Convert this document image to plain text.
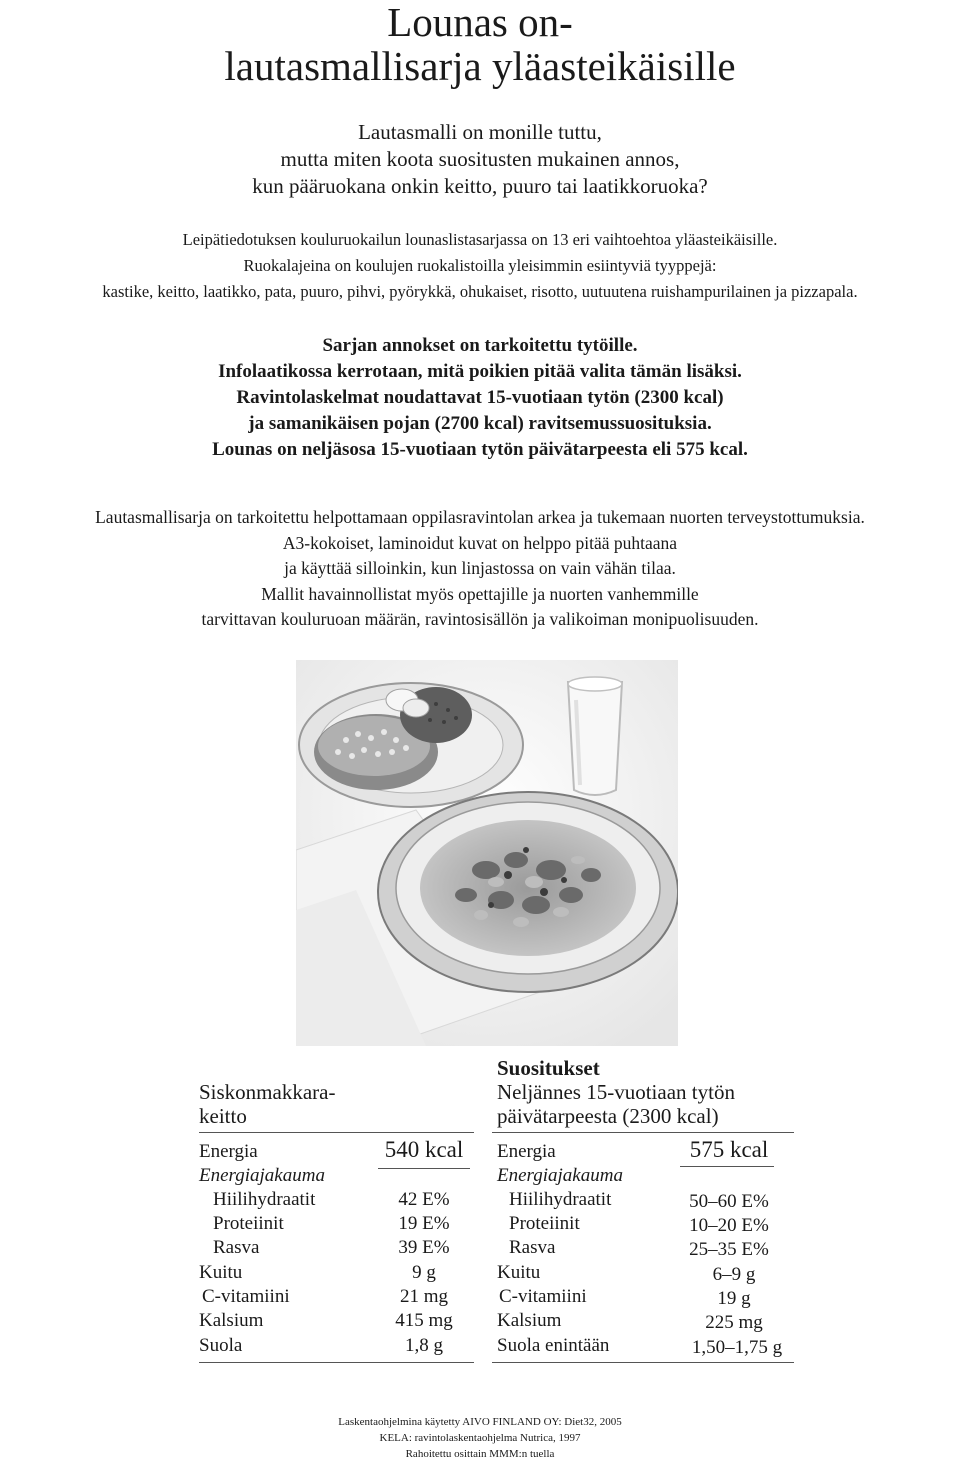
Lounas on-
lautasmallisarja yläasteikäisille
Lautasmalli on monille tuttu,
mutta miten koota suositusten mukainen annos,
kun pääruokana onkin keitto, puuro tai laatikkoruoka?
Leipätiedotuksen kouluruokailun lounaslistasarjassa on 13 eri vaihtoehtoa yläasteikäisille.
Ruokalajeina on koulujen ruokalistoilla yleisimmin esiintyviä tyyppejä:
kastike, keitto, laatikko, pata, puuro, pihvi, pyörykkä, ohukaiset, risotto, uutuutena ruishampurilainen ja pizzapala.
Sarjan annokset on tarkoitettu tytöille.
Infolaatikossa kerrotaan, mitä poikien pitää valita tämän lisäksi.
Ravintolaskelmat noudattavat 15-vuotiaan tytön (2300 kcal)
ja samanikäisen pojan (2700 kcal) ravitsemussuosituksia.
Lounas on neljäsosa 15-vuotiaan tytön päivätarpeesta eli 575 kcal.
Lautasmallisarja on tarkoitettu helpottamaan oppilasravintolan arkea ja tukemaan nuorten terveystottumuksia.
A3-kokoiset, laminoidut kuvat on helppo pitää puhtaana
ja käyttää silloinkin, kun linjastossa on vain vähän tilaa.
Mallit havainnollistat myös opettajille ja nuorten vanhemmille
tarvittavan kouluruoan määrän, ravintosisällön ja valikoiman monipuolisuuden.
Siskonmakkara-
keitto
Energia	540 kcal
Energiajakauma
Hiilihydraatit	42 E%
Proteiinit	19 E%
Rasva	39 E%
Kuitu	9 g
C-vitamiini	21 mg
Kalsium	415 mg
Suola	1,8 g
Suositukset
Neljännes 15-vuotiaan tytön
päivätarpeesta (2300 kcal)
Energia	575 kcal
Energiajakauma
Hiilihydraatit	50–60 E%
Proteiinit	10–20 E%
Rasva	25–35 E%
Kuitu	6–9 g
C-vitamiini	19 g
Kalsium	225 mg
Suola enintään	1,50–1,75 g
Laskentaohjelmina käytetty AIVO FINLAND OY: Diet32, 2005
KELA: ravintolaskentaohjelma Nutrica, 1997
Rahoitettu osittain MMM:n tuella
